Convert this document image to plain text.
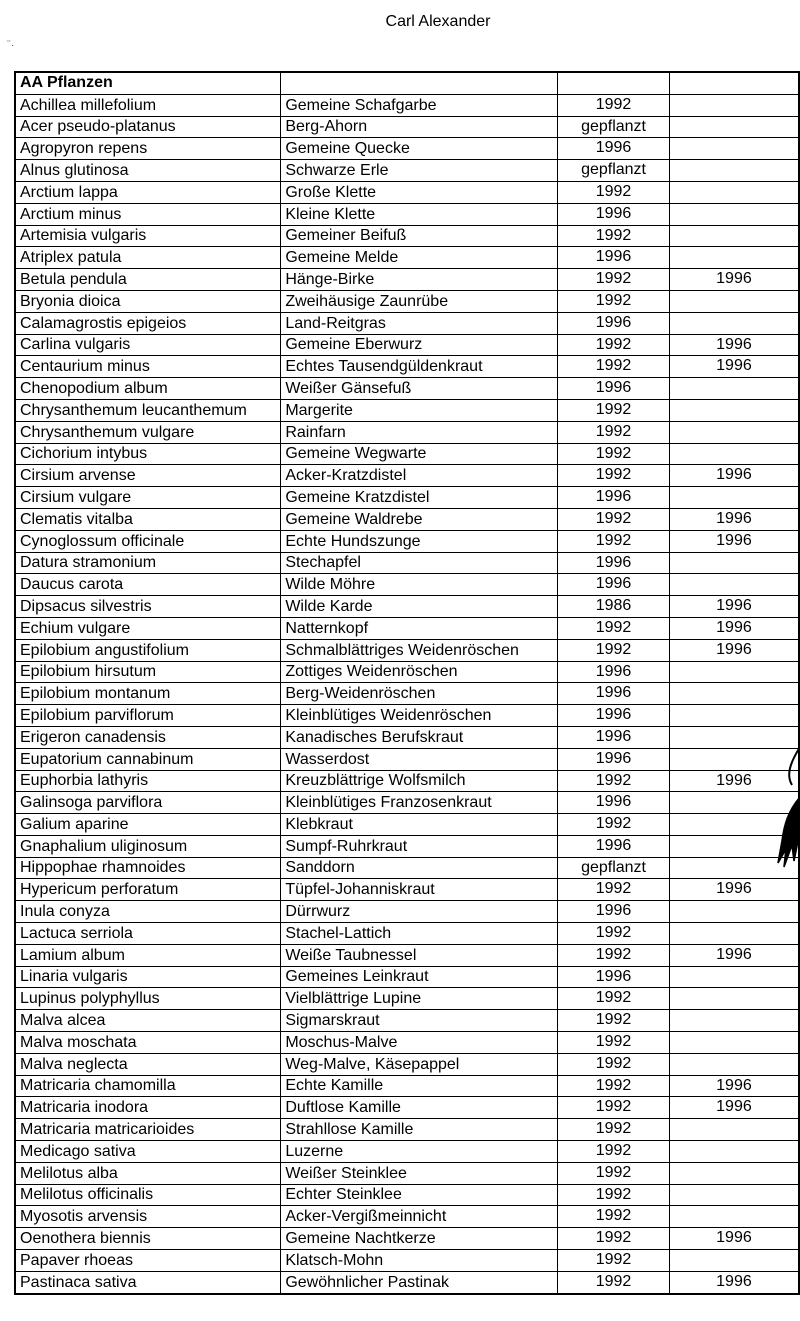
Carl Alexander
⁻.
AA Pflanzen			
Achillea millefolium	Gemeine Schafgarbe	1992	
Acer pseudo-platanus	Berg-Ahorn	gepflanzt	
Agropyron repens	Gemeine Quecke	1996	
Alnus glutinosa	Schwarze Erle	gepflanzt	
Arctium lappa	Große Klette	1992	
Arctium minus	Kleine Klette	1996	
Artemisia vulgaris	Gemeiner Beifuß	1992	
Atriplex patula	Gemeine Melde	1996	
Betula pendula	Hänge-Birke	1992	1996
Bryonia dioica	Zweihäusige Zaunrübe	1992	
Calamagrostis epigeios	Land-Reitgras	1996	
Carlina vulgaris	Gemeine Eberwurz	1992	1996
Centaurium minus	Echtes Tausendgüldenkraut	1992	1996
Chenopodium album	Weißer Gänsefuß	1996	
Chrysanthemum leucanthemum	Margerite	1992	
Chrysanthemum vulgare	Rainfarn	1992	
Cichorium intybus	Gemeine Wegwarte	1992	
Cirsium arvense	Acker-Kratzdistel	1992	1996
Cirsium vulgare	Gemeine Kratzdistel	1996	
Clematis vitalba	Gemeine Waldrebe	1992	1996
Cynoglossum officinale	Echte Hundszunge	1992	1996
Datura stramonium	Stechapfel	1996	
Daucus carota	Wilde Möhre	1996	
Dipsacus silvestris	Wilde Karde	1986	1996
Echium vulgare	Natternkopf	1992	1996
Epilobium angustifolium	Schmalblättriges Weidenröschen	1992	1996
Epilobium hirsutum	Zottiges Weidenröschen	1996	
Epilobium montanum	Berg-Weidenröschen	1996	
Epilobium parviflorum	Kleinblütiges Weidenröschen	1996	
Erigeron canadensis	Kanadisches Berufskraut	1996	
Eupatorium cannabinum	Wasserdost	1996	
Euphorbia lathyris	Kreuzblättrige Wolfsmilch	1992	1996
Galinsoga parviflora	Kleinblütiges Franzosenkraut	1996	
Galium aparine	Klebkraut	1992	
Gnaphalium uliginosum	Sumpf-Ruhrkraut	1996	
Hippophae rhamnoides	Sanddorn	gepflanzt	
Hypericum perforatum	Tüpfel-Johanniskraut	1992	1996
Inula conyza	Dürrwurz	1996	
Lactuca serriola	Stachel-Lattich	1992	
Lamium album	Weiße Taubnessel	1992	1996
Linaria vulgaris	Gemeines Leinkraut	1996	
Lupinus polyphyllus	Vielblättrige Lupine	1992	
Malva alcea	Sigmarskraut	1992	
Malva moschata	Moschus-Malve	1992	
Malva neglecta	Weg-Malve, Käsepappel	1992	
Matricaria chamomilla	Echte Kamille	1992	1996
Matricaria inodora	Duftlose Kamille	1992	1996
Matricaria matricarioides	Strahllose Kamille	1992	
Medicago sativa	Luzerne	1992	
Melilotus alba	Weißer Steinklee	1992	
Melilotus officinalis	Echter Steinklee	1992	
Myosotis arvensis	Acker-Vergißmeinnicht	1992	
Oenothera biennis	Gemeine Nachtkerze	1992	1996
Papaver rhoeas	Klatsch-Mohn	1992	
Pastinaca sativa	Gewöhnlicher Pastinak	1992	1996
